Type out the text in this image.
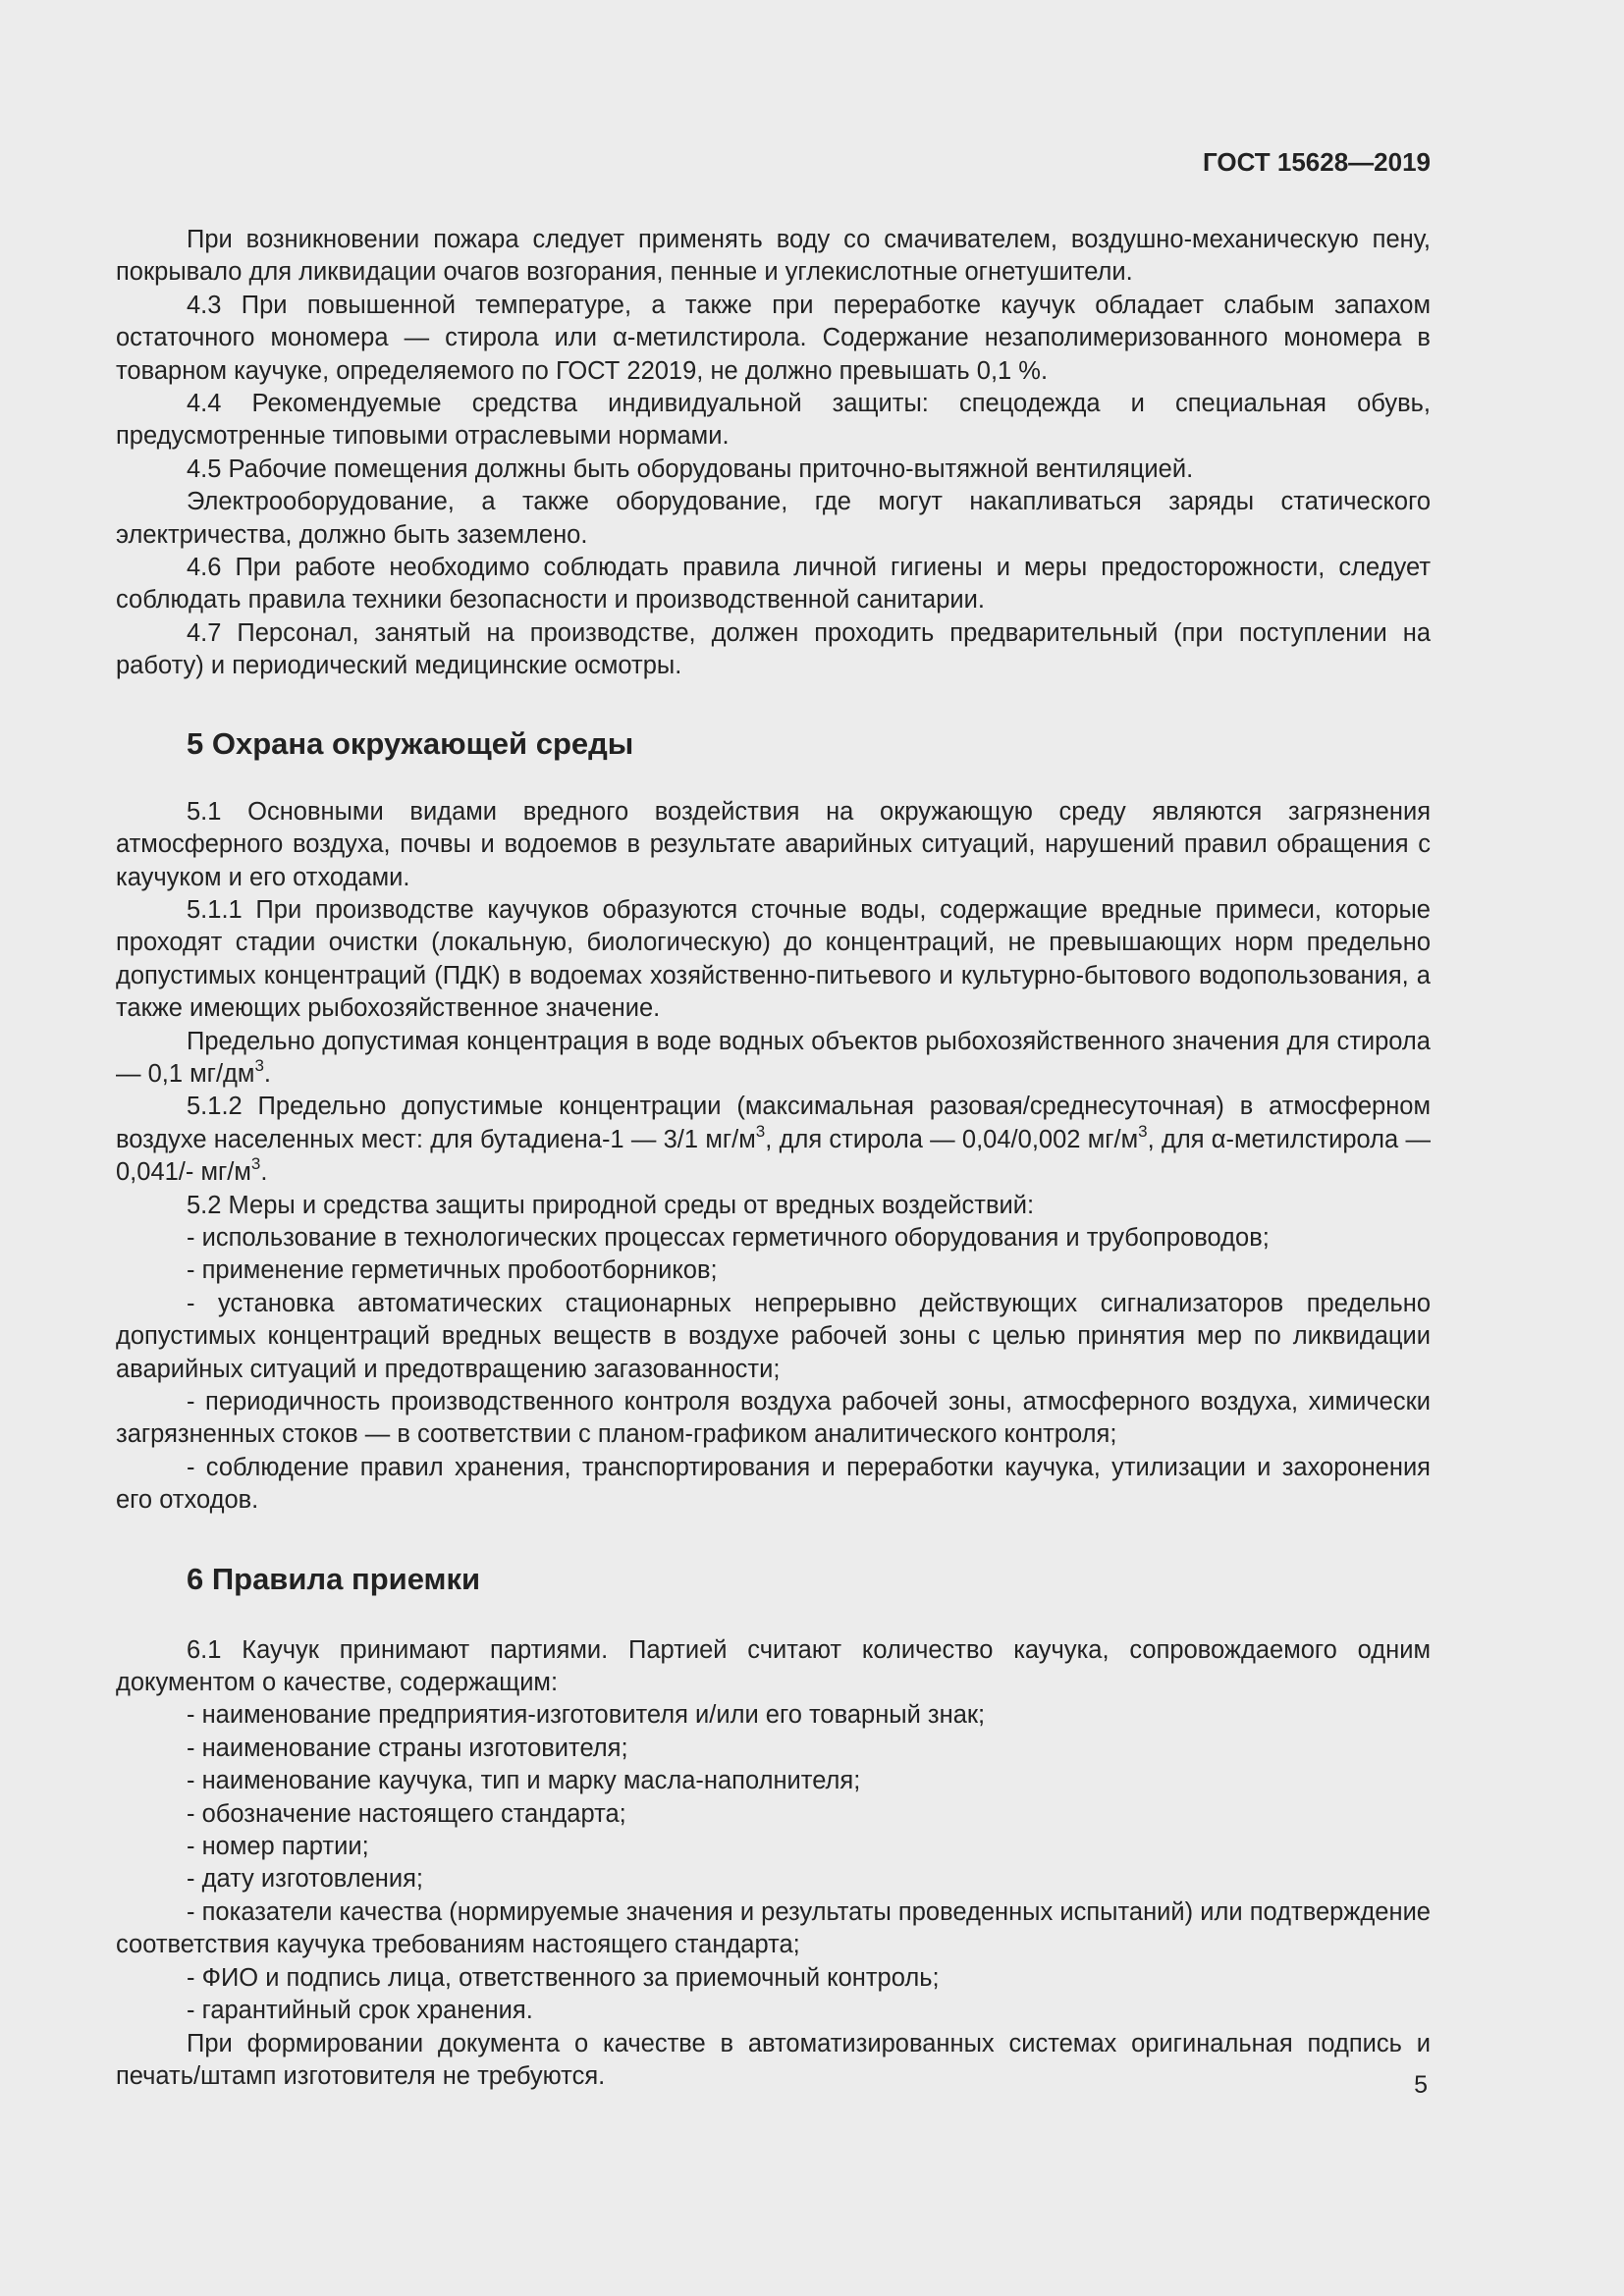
ГОСТ 15628—2019

При возникновении пожара следует применять воду со смачивателем, воздушно-механическую пену, покрывало для ликвидации очагов возгорания, пенные и углекислотные огнетушители.

4.3 При повышенной температуре, а также при переработке каучук обладает слабым запахом остаточного мономера — стирола или α-метилстирола. Содержание незаполимеризованного мономера в товарном каучуке, определяемого по ГОСТ 22019, не должно превышать 0,1 %.

4.4 Рекомендуемые средства индивидуальной защиты: спецодежда и специальная обувь, предусмотренные типовыми отраслевыми нормами.

4.5 Рабочие помещения должны быть оборудованы приточно-вытяжной вентиляцией.

Электрооборудование, а также оборудование, где могут накапливаться заряды статического электричества, должно быть заземлено.

4.6 При работе необходимо соблюдать правила личной гигиены и меры предосторожности, следует соблюдать правила техники безопасности и производственной санитарии.

4.7 Персонал, занятый на производстве, должен проходить предварительный (при поступлении на работу) и периодический медицинские осмотры.

5 Охрана окружающей среды

5.1 Основными видами вредного воздействия на окружающую среду являются загрязнения атмосферного воздуха, почвы и водоемов в результате аварийных ситуаций, нарушений правил обращения с каучуком и его отходами.

5.1.1 При производстве каучуков образуются сточные воды, содержащие вредные примеси, которые проходят стадии очистки (локальную, биологическую) до концентраций, не превышающих норм предельно допустимых концентраций (ПДК) в водоемах хозяйственно-питьевого и культурно-бытового водопользования, а также имеющих рыбохозяйственное значение.

Предельно допустимая концентрация в воде водных объектов рыбохозяйственного значения для стирола — 0,1 $мг/дм^3$.

5.1.2 Предельно допустимые концентрации (максимальная разовая/среднесуточная) в атмосферном воздухе населенных мест: для бутадиена-1 — 3/1 $мг/м^3$, для стирола — 0,04/0,002 $мг/м^3$, для α-метилстирола — 0,041/- $мг/м^3$.

5.2 Меры и средства защиты природной среды от вредных воздействий:

- использование в технологических процессах герметичного оборудования и трубопроводов;

- применение герметичных пробоотборников;

- установка автоматических стационарных непрерывно действующих сигнализаторов предельно допустимых концентраций вредных веществ в воздухе рабочей зоны с целью принятия мер по ликвидации аварийных ситуаций и предотвращению загазованности;

- периодичность производственного контроля воздуха рабочей зоны, атмосферного воздуха, химически загрязненных стоков — в соответствии с планом-графиком аналитического контроля;

- соблюдение правил хранения, транспортирования и переработки каучука, утилизации и захоронения его отходов.

6 Правила приемки

6.1 Каучук принимают партиями. Партией считают количество каучука, сопровождаемого одним документом о качестве, содержащим:

- наименование предприятия-изготовителя и/или его товарный знак;

- наименование страны изготовителя;

- наименование каучука, тип и марку масла-наполнителя;

- обозначение настоящего стандарта;

- номер партии;

- дату изготовления;

- показатели качества (нормируемые значения и результаты проведенных испытаний) или подтверждение соответствия каучука требованиям настоящего стандарта;

- ФИО и подпись лица, ответственного за приемочный контроль;

- гарантийный срок хранения.

При формировании документа о качестве в автоматизированных системах оригинальная подпись и печать/штамп изготовителя не требуются.	5
